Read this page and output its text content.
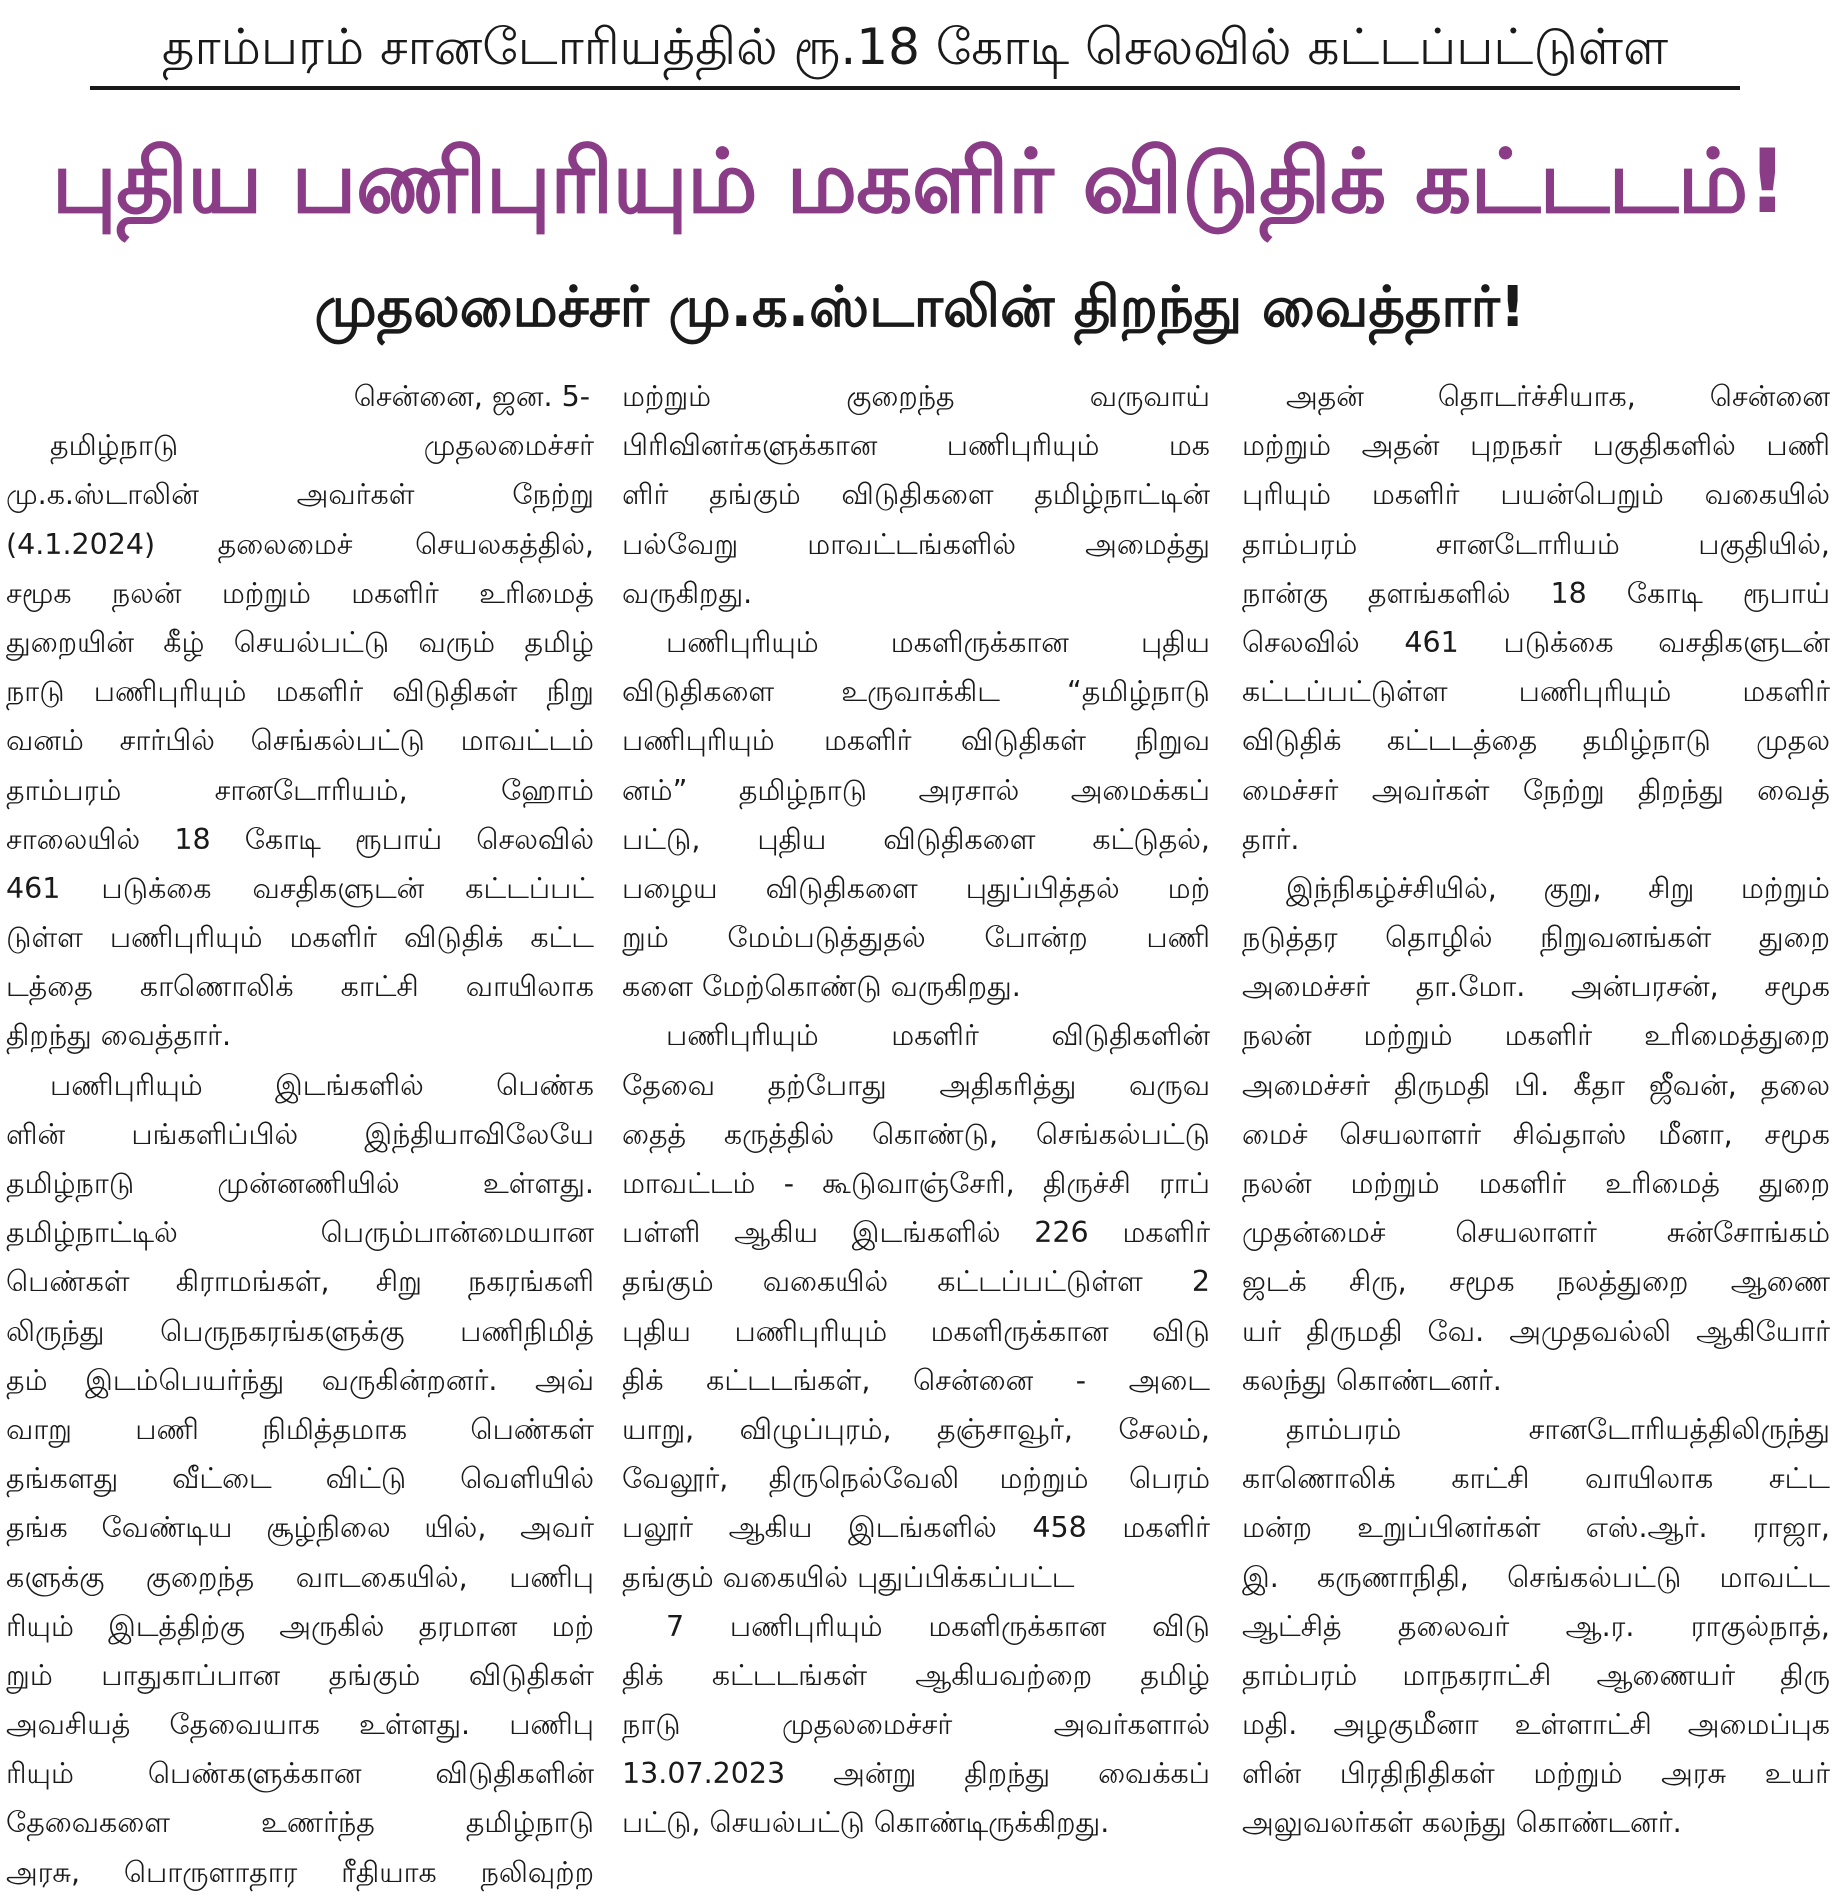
தாம்பரம் சானடோரியத்தில் ரூ.18 கோடி செலவில் கட்டப்பட்டுள்ள
புதிய பணிபுரியும் மகளிர் விடுதிக் கட்டடம்!
முதலமைச்சர் மு.க.ஸ்டாலின் திறந்து வைத்தார்!
சென்னை, ஜன. 5-
தமிழ்நாடு முதலமைச்சர்
மு.க.ஸ்டாலின் அவர்கள் நேற்று
(4.1.2024) தலைமைச் செயலகத்தில்,
சமூக நலன் மற்றும் மகளிர் உரிமைத்
துறையின் கீழ் செயல்பட்டு வரும் தமிழ்
நாடு பணிபுரியும் மகளிர் விடுதிகள் நிறு
வனம் சார்பில் செங்கல்பட்டு மாவட்டம்
தாம்பரம் சானடோரியம், ஹோம்
சாலையில் 18 கோடி ரூபாய் செலவில்
461 படுக்கை வசதிகளுடன் கட்டப்பட்
டுள்ள பணிபுரியும் மகளிர் விடுதிக் கட்ட
டத்தை காணொலிக் காட்சி வாயிலாக
திறந்து வைத்தார்.
பணிபுரியும் இடங்களில் பெண்க
ளின் பங்களிப்பில் இந்தியாவிலேயே
தமிழ்நாடு முன்னணியில் உள்ளது.
தமிழ்நாட்டில் பெரும்பான்மையான
பெண்கள் கிராமங்கள், சிறு நகரங்களி
லிருந்து பெருநகரங்களுக்கு பணிநிமித்
தம் இடம்பெயர்ந்து வருகின்றனர். அவ்
வாறு பணி நிமித்தமாக பெண்கள்
தங்களது வீட்டை விட்டு வெளியில்
தங்க வேண்டிய சூழ்நிலை யில், அவர்
களுக்கு குறைந்த வாடகையில், பணிபு
ரியும் இடத்திற்கு அருகில் தரமான மற்
றும் பாதுகாப்பான தங்கும் விடுதிகள்
அவசியத் தேவையாக உள்ளது. பணிபு
ரியும் பெண்களுக்கான விடுதிகளின்
தேவைகளை உணர்ந்த தமிழ்நாடு
அரசு, பொருளாதார ரீதியாக நலிவுற்ற
மற்றும் குறைந்த வருவாய்
பிரிவினர்களுக்கான பணிபுரியும் மக
ளிர் தங்கும் விடுதிகளை தமிழ்நாட்டின்
பல்வேறு மாவட்டங்களில் அமைத்து
வருகிறது.
பணிபுரியும் மகளிருக்கான புதிய
விடுதிகளை உருவாக்கிட “தமிழ்நாடு
பணிபுரியும் மகளிர் விடுதிகள் நிறுவ
னம்” தமிழ்நாடு அரசால் அமைக்கப்
பட்டு, புதிய விடுதிகளை கட்டுதல்,
பழைய விடுதிகளை புதுப்பித்தல் மற்
றும் மேம்படுத்துதல் போன்ற பணி
களை மேற்கொண்டு வருகிறது.
பணிபுரியும் மகளிர் விடுதிகளின்
தேவை தற்போது அதிகரித்து வருவ
தைத் கருத்தில் கொண்டு, செங்கல்பட்டு
மாவட்டம் - கூடுவாஞ்சேரி, திருச்சி ராப்
பள்ளி ஆகிய இடங்களில் 226 மகளிர்
தங்கும் வகையில் கட்டப்பட்டுள்ள 2
புதிய பணிபுரியும் மகளிருக்கான விடு
திக் கட்டடங்கள், சென்னை - அடை
யாறு, விழுப்புரம், தஞ்சாவூர், சேலம்,
வேலூர், திருநெல்வேலி மற்றும் பெரம்
பலூர் ஆகிய இடங்களில் 458 மகளிர்
தங்கும் வகையில் புதுப்பிக்கப்பட்ட
7 பணிபுரியும் மகளிருக்கான விடு
திக் கட்டடங்கள் ஆகியவற்றை தமிழ்
நாடு முதலமைச்சர் அவர்களால்
13.07.2023 அன்று திறந்து வைக்கப்
பட்டு, செயல்பட்டு கொண்டிருக்கிறது.
அதன் தொடர்ச்சியாக, சென்னை
மற்றும் அதன் புறநகர் பகுதிகளில் பணி
புரியும் மகளிர் பயன்பெறும் வகையில்
தாம்பரம் சானடோரியம் பகுதியில்,
நான்கு தளங்களில் 18 கோடி ரூபாய்
செலவில் 461 படுக்கை வசதிகளுடன்
கட்டப்பட்டுள்ள பணிபுரியும் மகளிர்
விடுதிக் கட்டடத்தை தமிழ்நாடு முதல
மைச்சர் அவர்கள் நேற்று திறந்து வைத்
தார்.
இந்நிகழ்ச்சியில், குறு, சிறு மற்றும்
நடுத்தர தொழில் நிறுவனங்கள் துறை
அமைச்சர் தா.மோ. அன்பரசன், சமூக
நலன் மற்றும் மகளிர் உரிமைத்துறை
அமைச்சர் திருமதி பி. கீதா ஜீவன், தலை
மைச் செயலாளர் சிவ்தாஸ் மீனா, சமூக
நலன் மற்றும் மகளிர் உரிமைத் துறை
முதன்மைச் செயலாளர் சுன்சோங்கம்
ஜடக் சிரு, சமூக நலத்துறை ஆணை
யர் திருமதி வே. அமுதவல்லி ஆகியோர்
கலந்து கொண்டனர்.
தாம்பரம் சானடோரியத்திலிருந்து
காணொலிக் காட்சி வாயிலாக சட்ட
மன்ற உறுப்பினர்கள் எஸ்.ஆர். ராஜா,
இ. கருணாநிதி, செங்கல்பட்டு மாவட்ட
ஆட்சித் தலைவர் ஆ.ர. ராகுல்நாத்,
தாம்பரம் மாநகராட்சி ஆணையர் திரு
மதி. அழகுமீனா உள்ளாட்சி அமைப்புக
ளின் பிரதிநிதிகள் மற்றும் அரசு உயர்
அலுவலர்கள் கலந்து கொண்டனர்.
